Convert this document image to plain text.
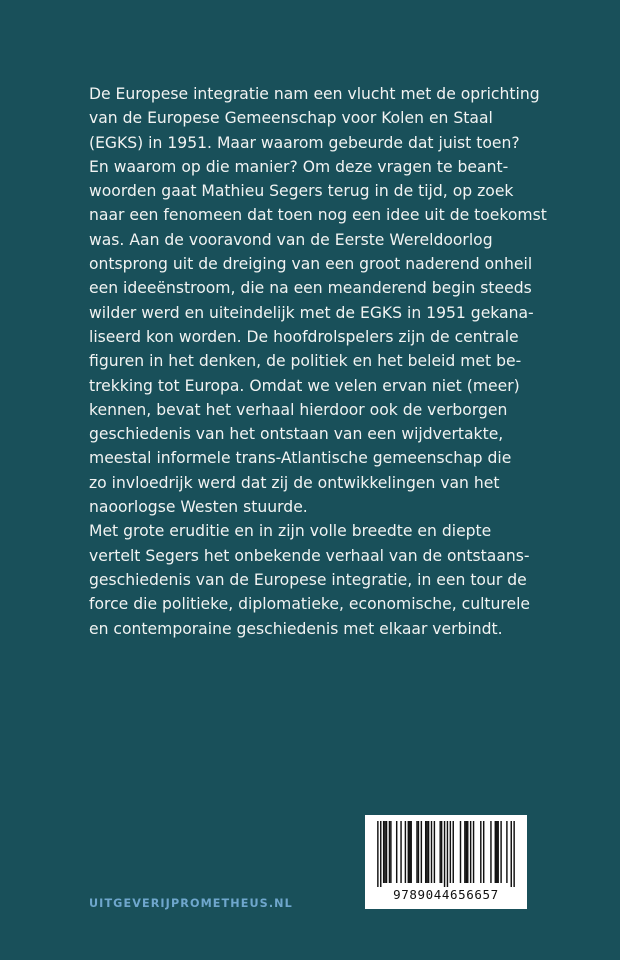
De Europese integratie nam een vlucht met de oprichting
van de Europese Gemeenschap voor Kolen en Staal
(EGKS) in 1951. Maar waarom gebeurde dat juist toen?
En waarom op die manier? Om deze vragen te beant-
woorden gaat Mathieu Segers terug in de tijd, op zoek
naar een fenomeen dat toen nog een idee uit de toekomst
was. Aan de vooravond van de Eerste Wereldoorlog
ontsprong uit de dreiging van een groot naderend onheil
een ideeënstroom, die na een meanderend begin steeds
wilder werd en uiteindelijk met de EGKS in 1951 gekana-
liseerd kon worden. De hoofdrolspelers zijn de centrale
figuren in het denken, de politiek en het beleid met be-
trekking tot Europa. Omdat we velen ervan niet (meer)
kennen, bevat het verhaal hierdoor ook de verborgen
geschiedenis van het ontstaan van een wijdvertakte,
meestal informele trans-Atlantische gemeenschap die
zo invloedrijk werd dat zij de ontwikkelingen van het
naoorlogse Westen stuurde.
Met grote eruditie en in zijn volle breedte en diepte
vertelt Segers het onbekende verhaal van de ontstaans-
geschiedenis van de Europese integratie, in een tour de
force die politieke, diplomatieke, economische, culturele
en contemporaine geschiedenis met elkaar verbindt.
9789044656657
UITGEVERIJPROMETHEUS.NL
